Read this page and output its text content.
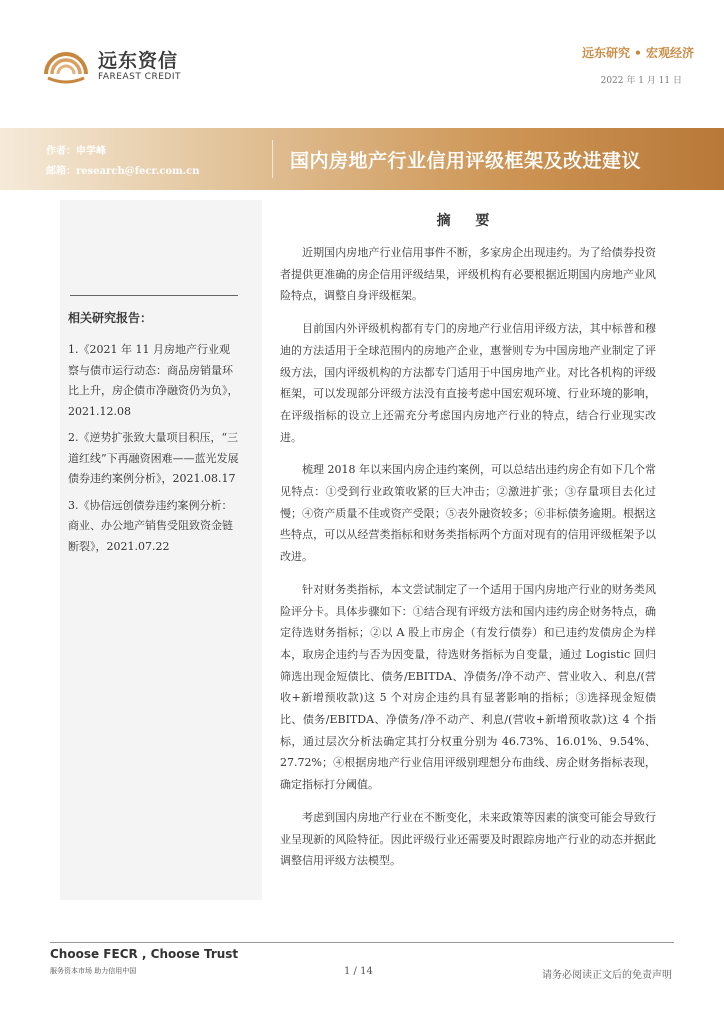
远东资信
FAREAST CREDIT
远东研究 • 宏观经济
2022 年 1 月 11 日
作者：申学峰
邮箱：research@fecr.com.cn	国内房地产行业信用评级框架及改进建议
相关研究报告：
1.《2021 年 11 月房地产行业观察与债市运行动态：商品房销量环比上升，房企债市净融资仍为负》，2021.12.08
2.《逆势扩张致大量项目积压，“三道红线”下再融资困难——蓝光发展债券违约案例分析》，2021.08.17
3.《协信远创债券违约案例分析：商业、办公地产销售受阻致资金链断裂》，2021.07.22
摘 要

近期国内房地产行业信用事件不断，多家房企出现违约。为了给债券投资者提供更准确的房企信用评级结果，评级机构有必要根据近期国内房地产业风险特点，调整自身评级框架。

目前国内外评级机构都有专门的房地产行业信用评级方法，其中标普和穆迪的方法适用于全球范围内的房地产企业，惠誉则专为中国房地产业制定了评级方法，国内评级机构的方法都专门适用于中国房地产业。对比各机构的评级框架，可以发现部分评级方法没有直接考虑中国宏观环境、行业环境的影响，在评级指标的设立上还需充分考虑国内房地产行业的特点，结合行业现实改进。

梳理 2018 年以来国内房企违约案例，可以总结出违约房企有如下几个常见特点：①受到行业政策收紧的巨大冲击；②激进扩张；③存量项目去化过慢；④资产质量不佳或资产受限；⑤表外融资较多；⑥非标债务逾期。根据这些特点，可以从经营类指标和财务类指标两个方面对现有的信用评级框架予以改进。

针对财务类指标，本文尝试制定了一个适用于国内房地产行业的财务类风险评分卡。具体步骤如下：①结合现有评级方法和国内违约房企财务特点，确定待选财务指标；②以 A 股上市房企（有发行债券）和已违约发债房企为样本，取房企违约与否为因变量，待选财务指标为自变量，通过 Logistic 回归筛选出现金短债比、债务/EBITDA、净债务/净不动产、营业收入、利息/(营收+新增预收款)这 5 个对房企违约具有显著影响的指标；③选择现金短债比、债务/EBITDA、净债务/净不动产、利息/(营收+新增预收款)这 4 个指标，通过层次分析法确定其打分权重分别为 46.73%、16.01%、9.54%、27.72%；④根据房地产行业信用评级别理想分布曲线、房企财务指标表现，确定指标打分阈值。

考虑到国内房地产行业在不断变化，未来政策等因素的演变可能会导致行业呈现新的风险特征。因此评级行业还需要及时跟踪房地产行业的动态并据此调整信用评级方法模型。

Choose FECR , Choose Trust
服务资本市场 助力信用中国	1 / 14	请务必阅读正文后的免责声明
